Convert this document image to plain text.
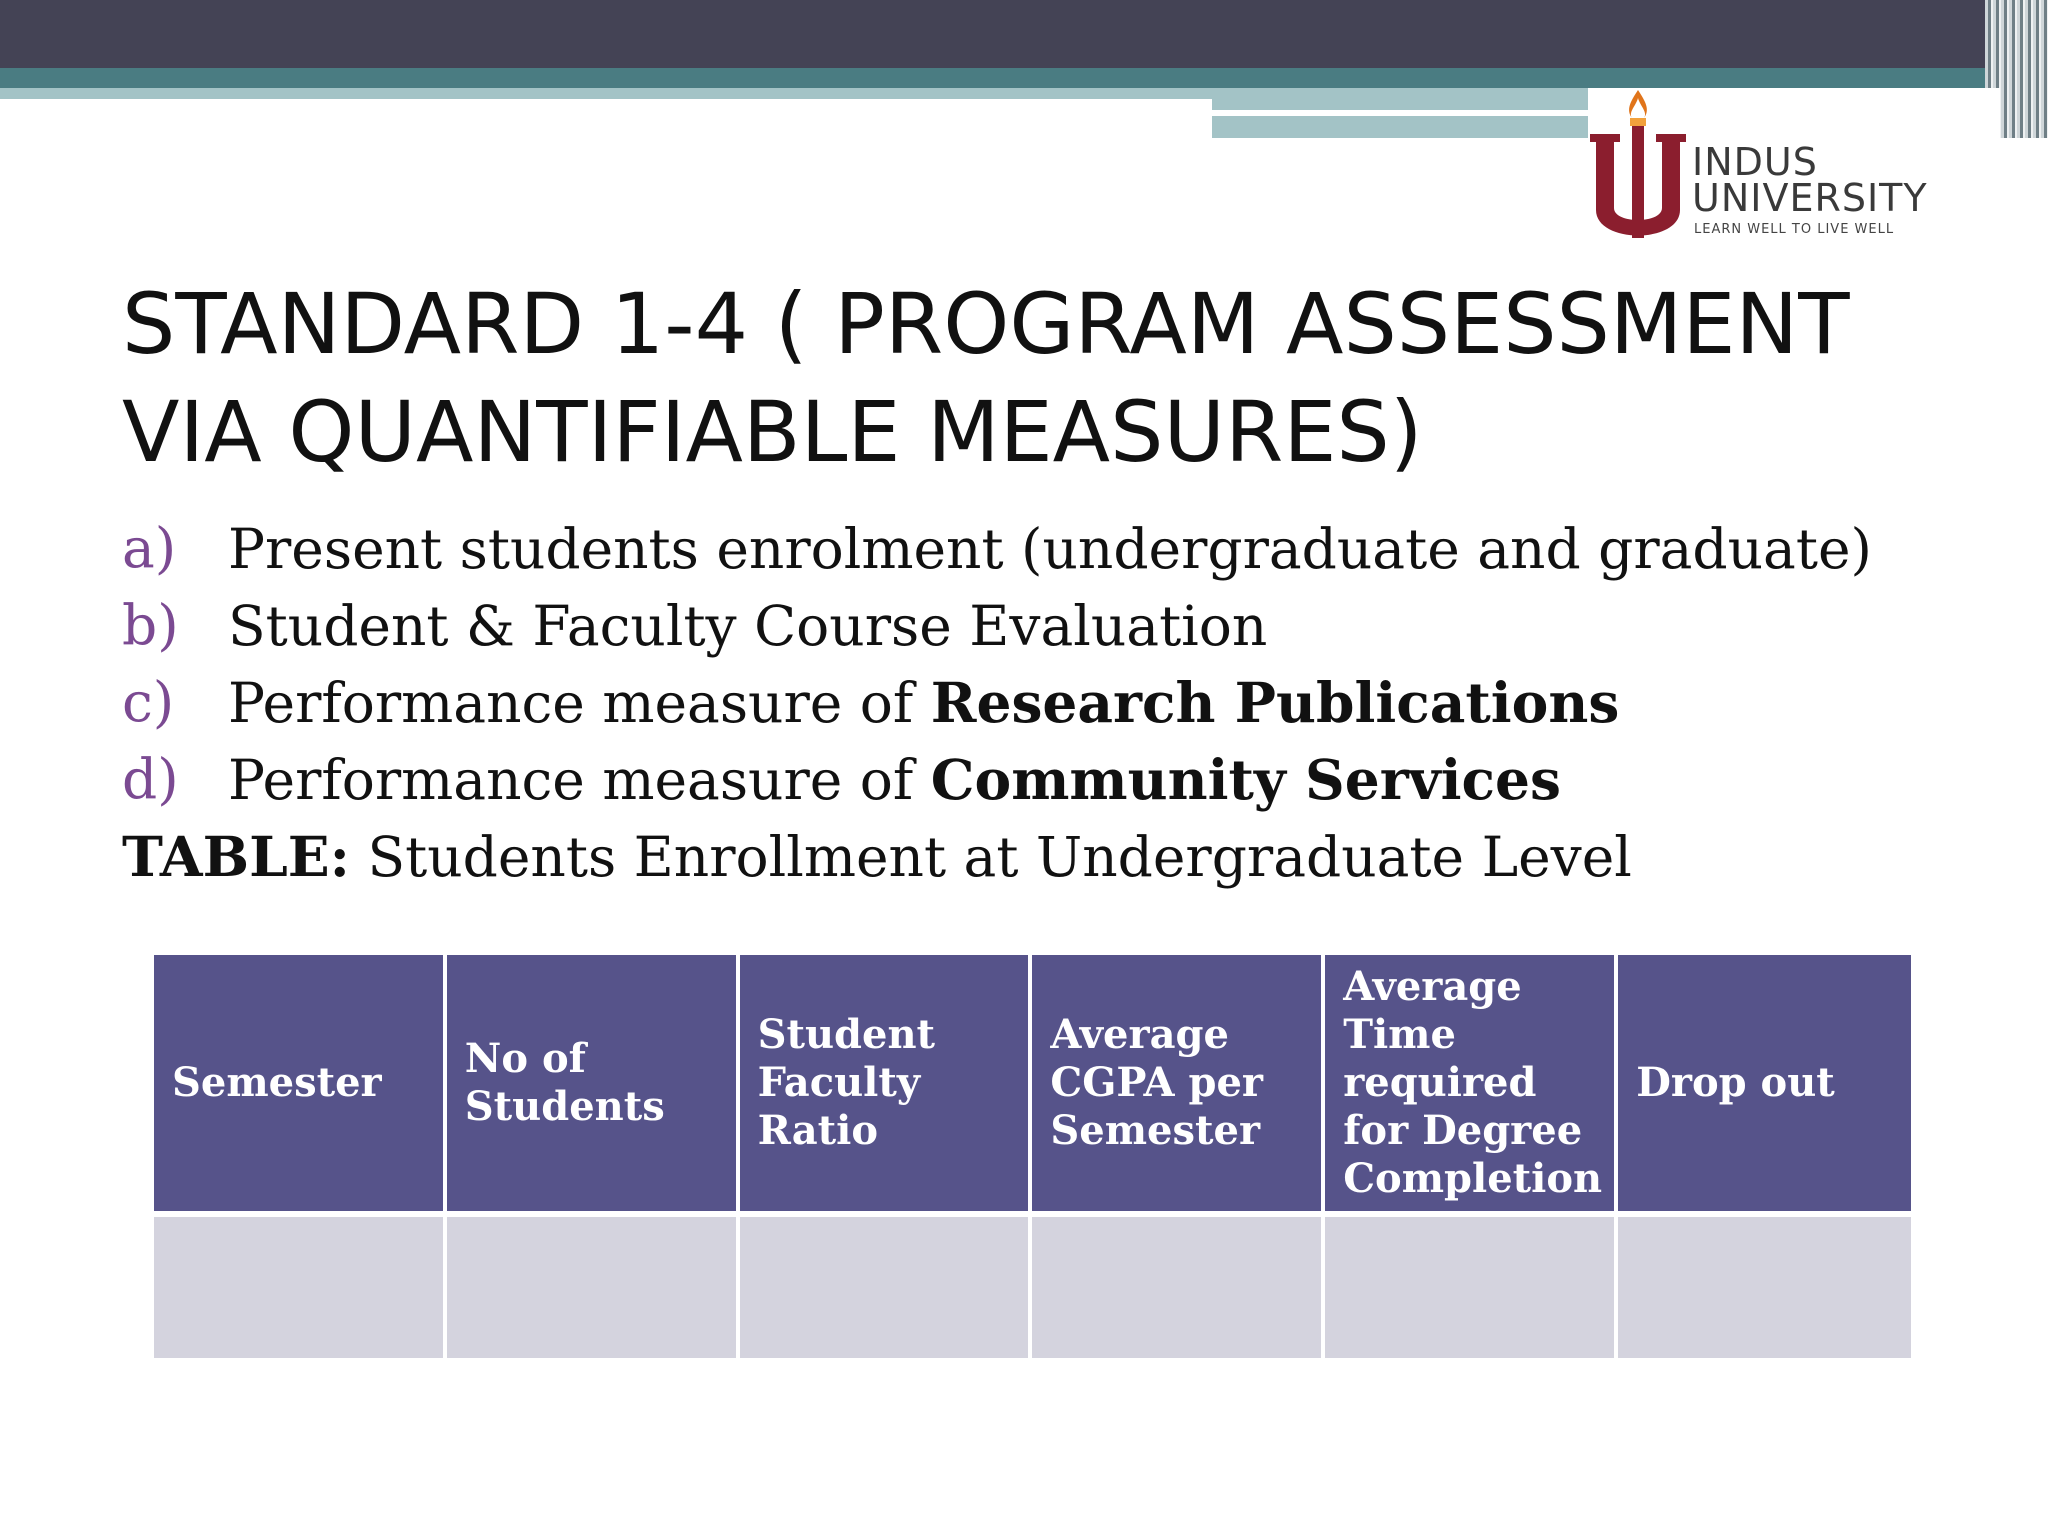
INDUS
UNIVERSITY
LEARN WELL TO LIVE WELL
STANDARD 1-4 ( PROGRAM ASSESSMENT VIA QUANTIFIABLE MEASURES)
a) Present students enrolment (undergraduate and graduate)
b) Student & Faculty Course Evaluation
c) Performance measure of Research Publications
d) Performance measure of Community Services
TABLE: Students Enrollment at Undergraduate Level
Semester
No of Students
Student Faculty Ratio
Average CGPA per Semester
Average Time required for Degree Completion
Drop out
